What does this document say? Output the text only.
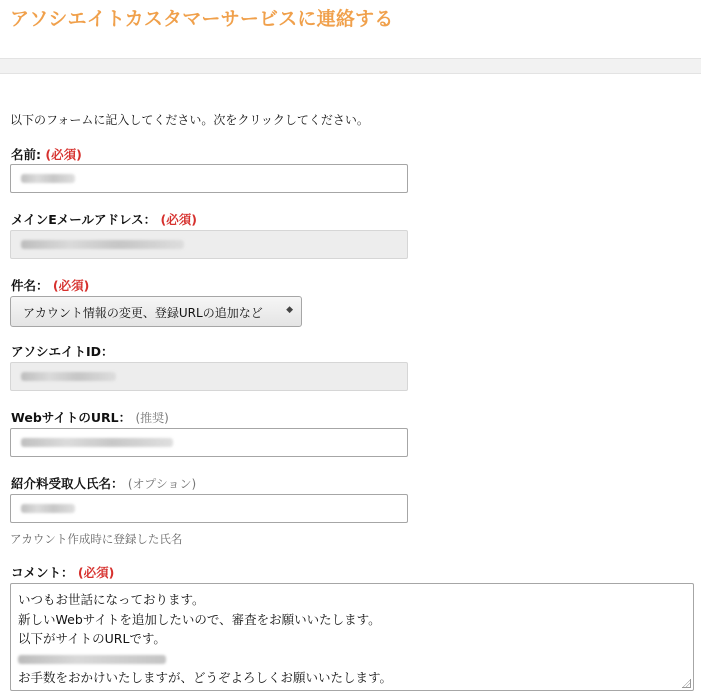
アソシエイトカスタマーサービスに連絡する
以下のフォームに記入してください。次をクリックしてください。
名前: (必須)
メインEメールアドレス： (必須)
件名： (必須)
アカウント情報の変更、登録URLの追加など	◆
アソシエイトID：
WebサイトのURL： (推奨)
紹介料受取人氏名： (オプション)
アカウント作成時に登録した氏名
コメント： (必須)
いつもお世話になっております。
新しいWebサイトを追加したいので、審査をお願いいたします。
以下がサイトのURLです。
お手数をおかけいたしますが、どうぞよろしくお願いいたします。
